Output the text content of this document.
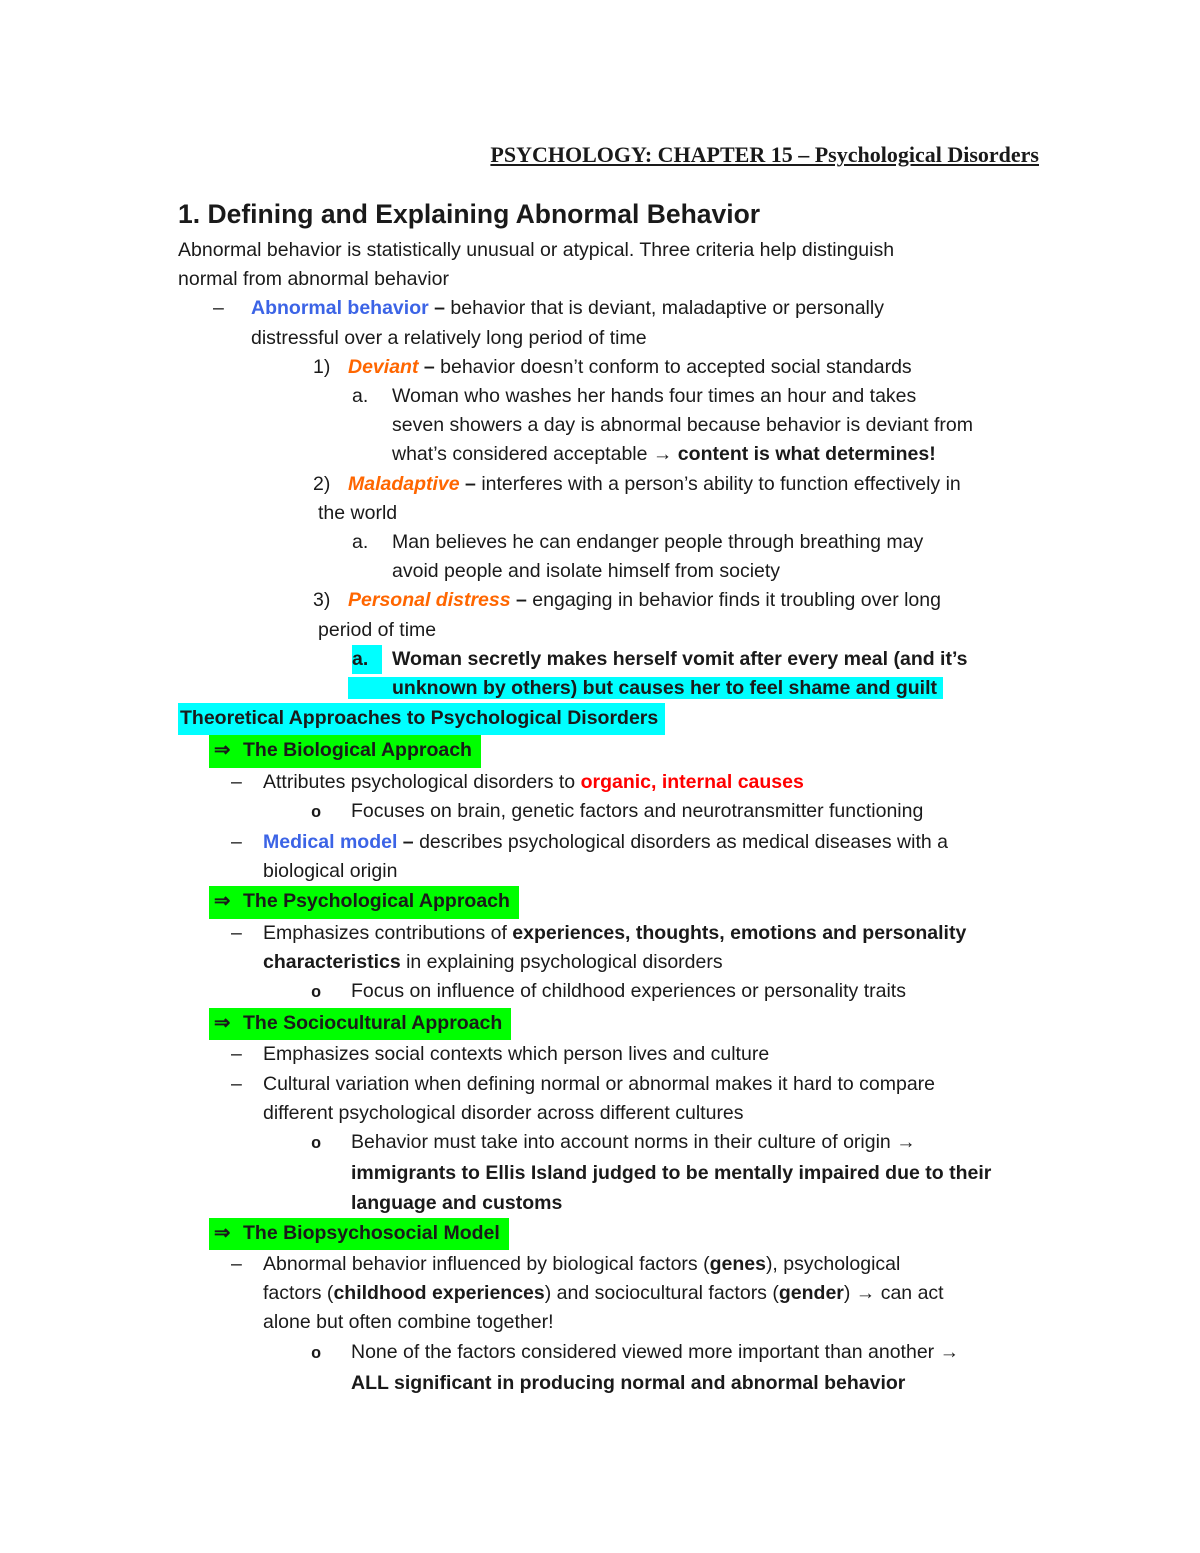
PSYCHOLOGY: CHAPTER 15 – Psychological Disorders
1. Defining and Explaining Abnormal Behavior
Abnormal behavior is statistically unusual or atypical. Three criteria help distinguish
normal from abnormal behavior
– Abnormal behavior – behavior that is deviant, maladaptive or personally
distressful over a relatively long period of time
1) Deviant – behavior doesn’t conform to accepted social standards
a. Woman who washes her hands four times an hour and takes
seven showers a day is abnormal because behavior is deviant from
what’s considered acceptable → content is what determines!
2) Maladaptive – interferes with a person’s ability to function effectively in
the world
a. Man believes he can endanger people through breathing may
avoid people and isolate himself from society
3) Personal distress – engaging in behavior finds it troubling over long
period of time
a. Woman secretly makes herself vomit after every meal (and it’s
unknown by others) but causes her to feel shame and guilt
Theoretical Approaches to Psychological Disorders
⇒ The Biological Approach
– Attributes psychological disorders to organic, internal causes
o Focuses on brain, genetic factors and neurotransmitter functioning
– Medical model – describes psychological disorders as medical diseases with a
biological origin
⇒ The Psychological Approach
– Emphasizes contributions of experiences, thoughts, emotions and personality
characteristics in explaining psychological disorders
o Focus on influence of childhood experiences or personality traits
⇒ The Sociocultural Approach
– Emphasizes social contexts which person lives and culture
– Cultural variation when defining normal or abnormal makes it hard to compare
different psychological disorder across different cultures
o Behavior must take into account norms in their culture of origin →
immigrants to Ellis Island judged to be mentally impaired due to their
language and customs
⇒ The Biopsychosocial Model
– Abnormal behavior influenced by biological factors (genes), psychological
factors (childhood experiences) and sociocultural factors (gender) → can act
alone but often combine together!
o None of the factors considered viewed more important than another →
ALL significant in producing normal and abnormal behavior
